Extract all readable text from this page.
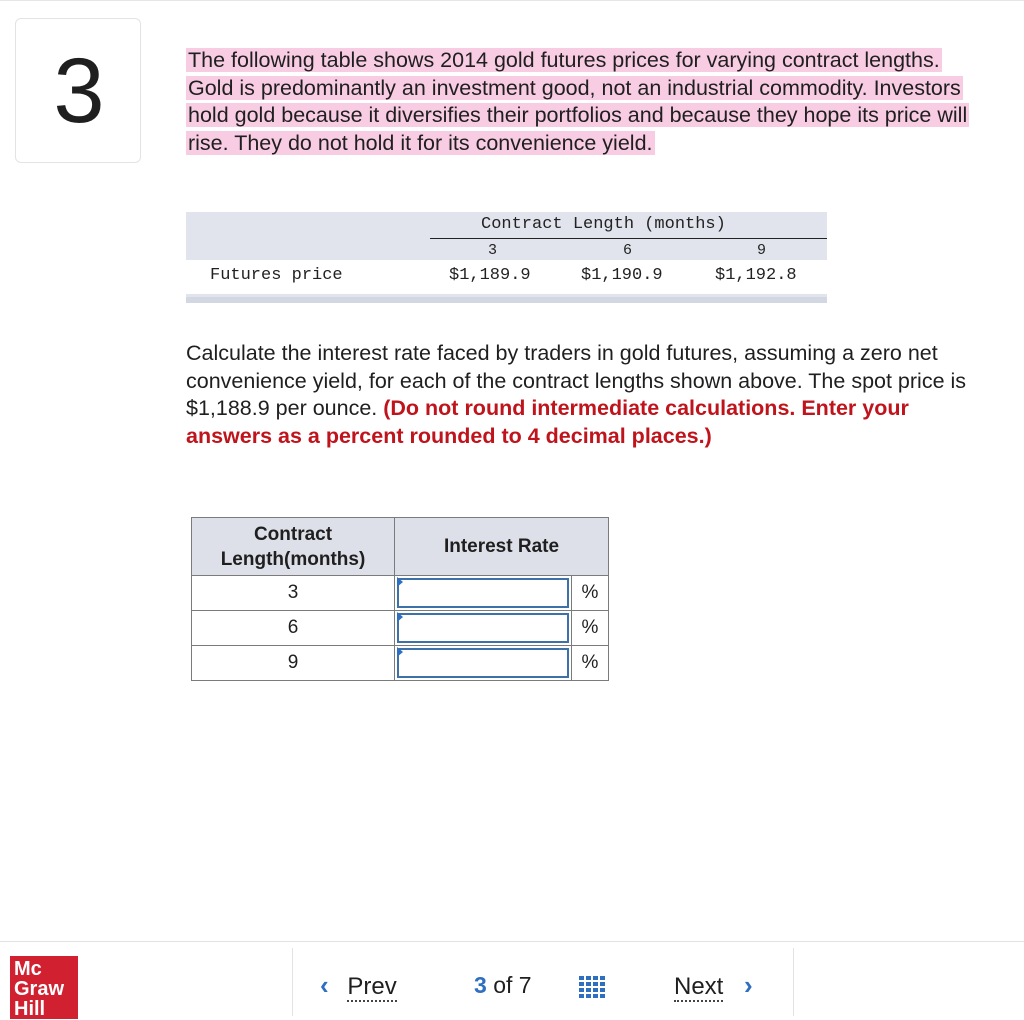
3	The following table shows 2014 gold futures prices for varying contract lengths. Gold is predominantly an investment good, not an industrial commodity. Investors hold gold because it diversifies their portfolios and because they hope its price will rise. They do not hold it for its convenience yield.
Contract Length (months)
3	6	9
Futures price	$1,189.9	$1,190.9	$1,192.8
Calculate the interest rate faced by traders in gold futures, assuming a zero net convenience yield, for each of the contract lengths shown above. The spot price is $1,188.9 per ounce. (Do not round intermediate calculations. Enter your answers as a percent rounded to 4 decimal places.)
Contract
Length(months)	Interest Rate	
3		%
6		%
9		%
Mc
Graw
Hill
‹ Prev	3 of 7	Next ›
